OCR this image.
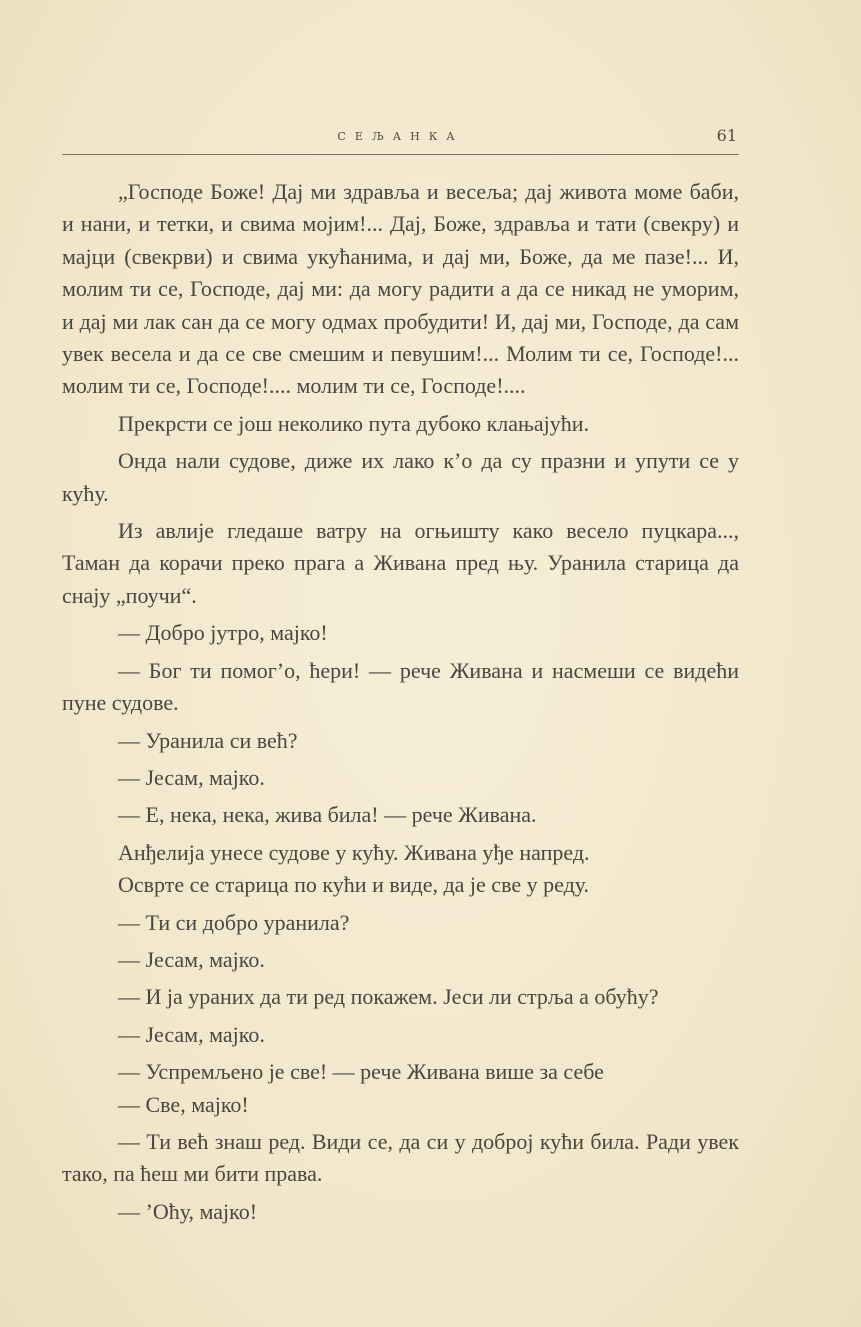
СЕЉАНКА	61

„Господе Боже! Дај ми здравља и весеља; дај живота моме баби, и нани, и тетки, и свима мојим!... Дај, Боже, здравља и тати (свекру) и мајци (свекрви) и свима укућанима, и дај ми, Боже, да ме пазе!... И, молим ти се, Господе, дај ми: да могу радити а да се никад не уморим, и дај ми лак сан да се могу одмах пробудити! И, дај ми, Господе, да сам увек весела и да се све смешим и певушим!... Молим ти се, Господе!... молим ти се, Господе!.... молим ти се, Господе!....

Прекрсти се још неколико пута дубоко клањајући.

Онда нали судове, диже их лако к’о да су празни и упути се у кућу.

Из авлије гледаше ватру на огњишту како весело пуцкара..., Таман да корачи преко прага а Живана пред њу. Уранила старица да снају „поучи“.

— Добро јутро, мајко!

— Бог ти помог’о, ћери! — рече Живана и насмеши се видећи пуне судове.

— Уранила си већ?

— Јесам, мајко.

— Е, нека, нека, жива била! — рече Живана.

Анђелија унесе судове у кућу. Живана уђе напред.

Осврте се старица по кући и виде, да је све у реду.

— Ти си добро уранила?

— Јесам, мајко.

— И ја ураних да ти ред покажем. Јеси ли стрља а обућу?

— Јесам, мајко.

— Успремљено је све! — рече Живана више за себе

— Све, мајко!

— Ти већ знаш ред. Види се, да си у доброј кући била. Ради увек тако, па ћеш ми бити права.

— ’Оћу, мајко!
